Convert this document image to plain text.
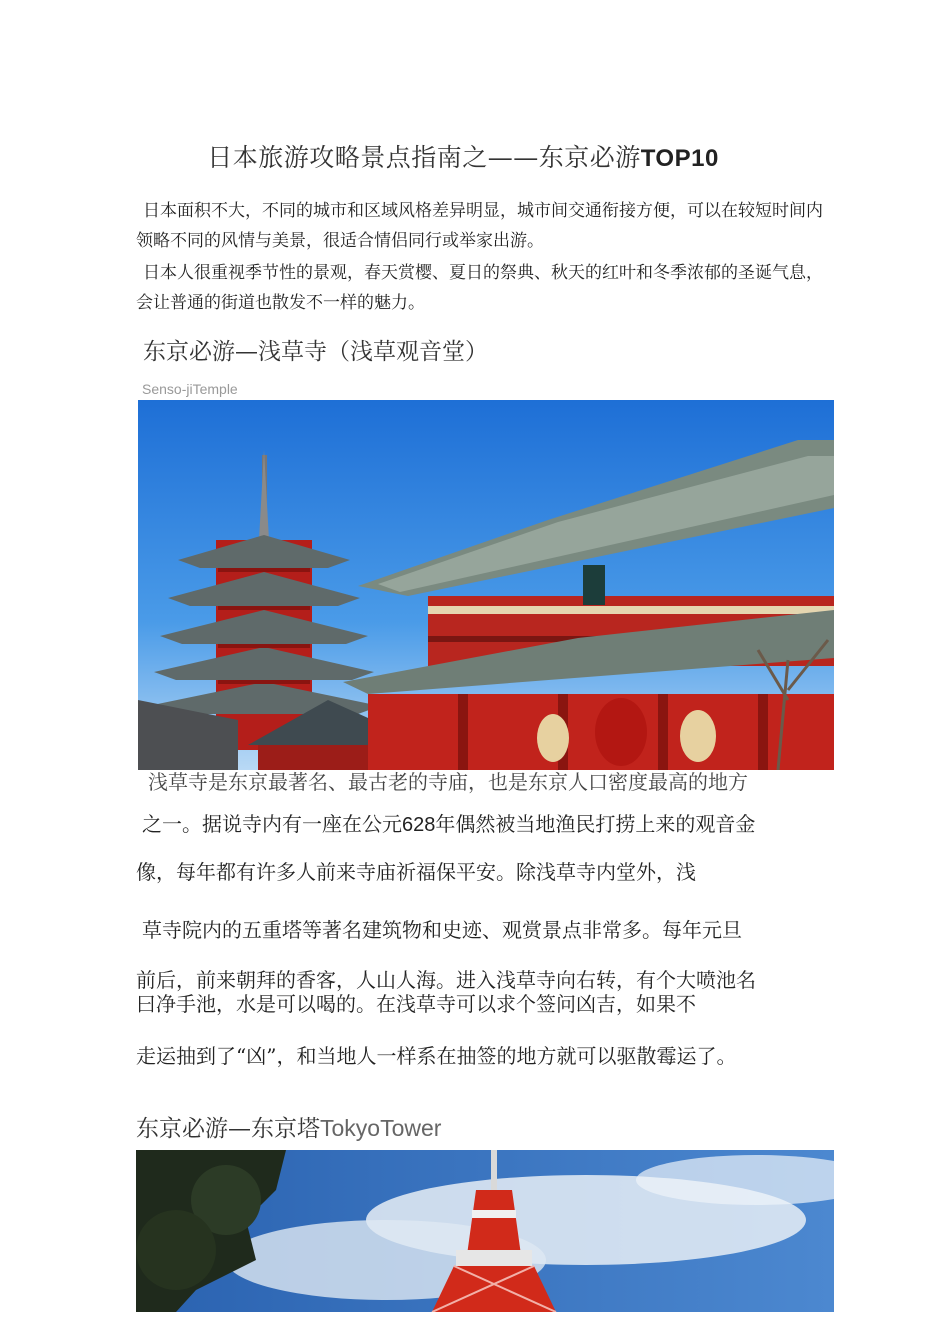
日本旅游攻略景点指南之——东京必游TOP10
日本面积不大，不同的城市和区域风格差异明显，城市间交通衔接方便，可以在较短时间内领略不同的风情与美景，很适合情侣同行或举家出游。
日本人很重视季节性的景观，春天赏樱、夏日的祭典、秋天的红叶和冬季浓郁的圣诞气息，会让普通的街道也散发不一样的魅力。
东京必游—浅草寺（浅草观音堂）
Senso-jiTemple
浅草寺是东京最著名、最古老的寺庙，也是东京人口密度最高的地方
之一。据说寺内有一座在公元628年偶然被当地渔民打捞上来的观音金
像，每年都有许多人前来寺庙祈福保平安。除浅草寺内堂外，浅
草寺院内的五重塔等著名建筑物和史迹、观赏景点非常多。每年元旦
前后，前来朝拜的香客，人山人海。进入浅草寺向右转，有个大喷池名
曰净手池，水是可以喝的。在浅草寺可以求个签问凶吉，如果不
走运抽到了“凶”，和当地人一样系在抽签的地方就可以驱散霉运了。
东京必游—东京塔TokyoTower
